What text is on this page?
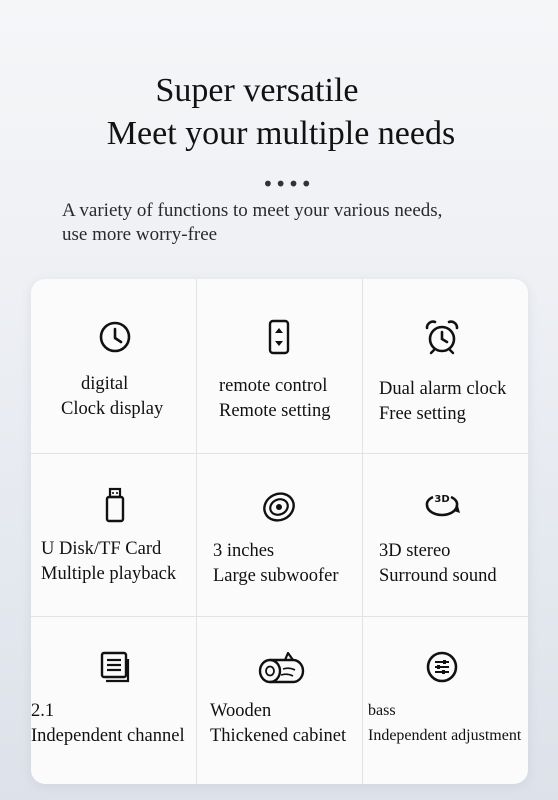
Super versatile
Meet your multiple needs
••••
A variety of functions to meet your various needs,
use more worry-free
digital
Clock display
remote control
Remote setting
Dual alarm clock
Free setting
U Disk/TF Card
Multiple playback
3 inches
Large subwoofer
3D
3D stereo
Surround sound
2.1
Independent channel
Wooden
Thickened cabinet
bass
Independent adjustment
